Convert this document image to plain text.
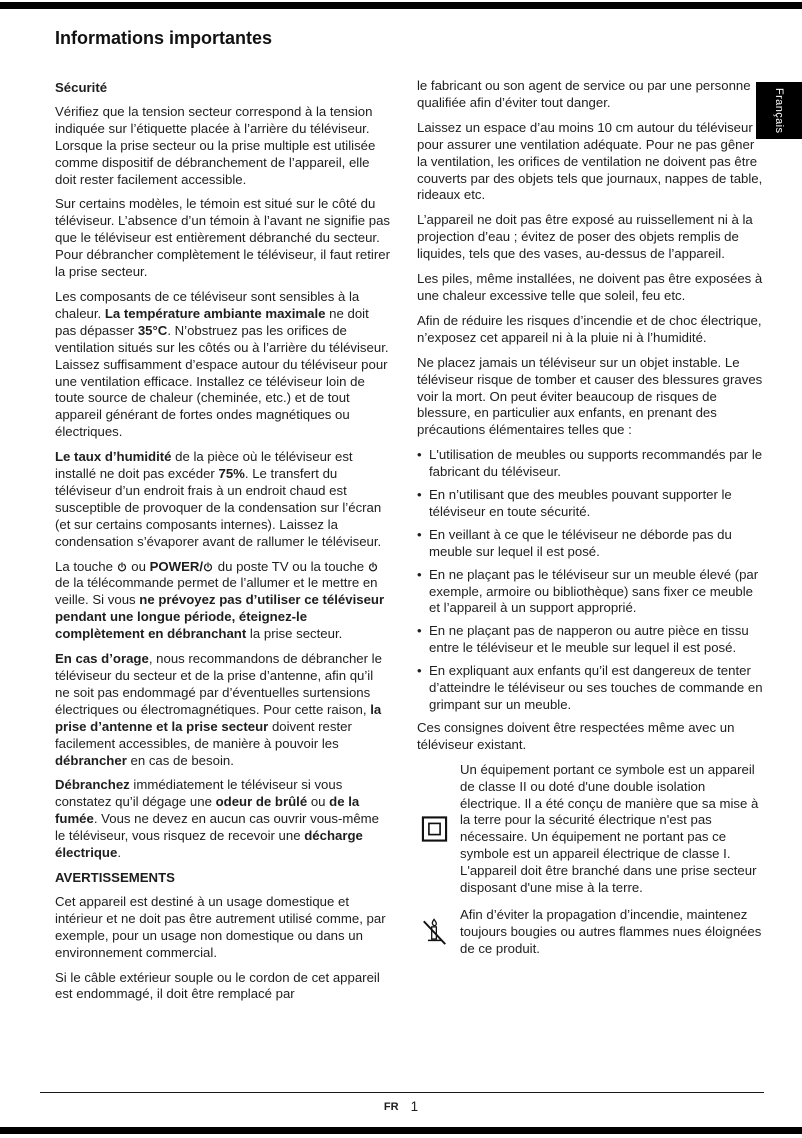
Informations importantes
Français
Sécurité

Vérifiez que la tension secteur correspond à la tension indiquée sur l’étiquette placée à l’arrière du téléviseur. Lorsque la prise secteur ou la prise multiple est utilisée comme dispositif de débranchement de l’appareil, elle doit rester facilement accessible.

Sur certains modèles, le témoin est situé sur le côté du téléviseur. L’absence d’un témoin à l’avant ne signifie pas que le téléviseur est entièrement débranché du secteur. Pour débrancher complètement le téléviseur, il faut retirer la prise secteur.

Les composants de ce téléviseur sont sensibles à la chaleur. La température ambiante maximale ne doit pas dépasser 35°C. N’obstruez pas les orifices de ventilation situés sur les côtés ou à l’arrière du téléviseur. Laissez suffisamment d’espace autour du téléviseur pour une ventilation efficace. Installez ce téléviseur loin de toute source de chaleur (cheminée, etc.) et de tout appareil générant de fortes ondes magnétiques ou électriques.

Le taux d’humidité de la pièce où le téléviseur est installé ne doit pas excéder 75%. Le transfert du téléviseur d’un endroit frais à un endroit chaud est susceptible de provoquer de la condensation sur l’écran (et sur certains composants internes). Laissez la condensation s’évaporer avant de rallumer le téléviseur.

La touche  ou POWER/ du poste TV ou la touche  de la télécommande permet de l’allumer et le mettre en veille. Si vous ne prévoyez pas d’utiliser ce téléviseur pendant une longue période, éteignez-le complètement en débranchant la prise secteur.

En cas d’orage, nous recommandons de débrancher le téléviseur du secteur et de la prise d’antenne, afin qu’il ne soit pas endommagé par d’éventuelles surtensions électriques ou électromagnétiques. Pour cette raison, la prise d’antenne et la prise secteur doivent rester facilement accessibles, de manière à pouvoir les débrancher en cas de besoin.

Débranchez immédiatement le téléviseur si vous constatez qu’il dégage une odeur de brûlé ou de la fumée. Vous ne devez en aucun cas ouvrir vous-même le téléviseur, vous risquez de recevoir une décharge électrique.

AVERTISSEMENTS

Cet appareil est destiné à un usage domestique et intérieur et ne doit pas être autrement utilisé comme, par exemple, pour un usage non domestique ou dans un environnement commercial.

Si le câble extérieur souple ou le cordon de cet appareil est endommagé, il doit être remplacé par

le fabricant ou son agent de service ou par une personne qualifiée afin d’éviter tout danger.

Laissez un espace d’au moins 10 cm autour du téléviseur pour assurer une ventilation adéquate. Pour ne pas gêner la ventilation, les orifices de ventilation ne doivent pas être couverts par des objets tels que journaux, nappes de table, rideaux etc.

L’appareil ne doit pas être exposé au ruissellement ni à la projection d’eau ; évitez de poser des objets remplis de liquides, tels que des vases, au-dessus de l’appareil.

Les piles, même installées, ne doivent pas être exposées à une chaleur excessive telle que soleil, feu etc.

Afin de réduire les risques d’incendie et de choc électrique, n’exposez cet appareil ni à la pluie ni à l’humidité.

Ne placez jamais un téléviseur sur un objet instable. Le téléviseur risque de tomber et causer des blessures graves voir la mort. On peut éviter beaucoup de risques de blessure, en particulier aux enfants, en prenant des précautions élémentaires telles que :

• L'utilisation de meubles ou supports recommandés par le fabricant du téléviseur.
• En n’utilisant que des meubles pouvant supporter le téléviseur en toute sécurité.
• En veillant à ce que le téléviseur ne déborde pas du meuble sur lequel il est posé.
• En ne plaçant pas le téléviseur sur un meuble élevé (par exemple, armoire ou bibliothèque) sans fixer ce meuble et l’appareil à un support approprié.
• En ne plaçant pas de napperon ou autre pièce en tissu entre le téléviseur et le meuble sur lequel il est posé.
• En expliquant aux enfants qu’il est dangereux de tenter d’atteindre le téléviseur ou ses touches de commande en grimpant sur un meuble.

Ces consignes doivent être respectées même avec un téléviseur existant.

Un équipement portant ce symbole est un appareil de classe II ou doté d'une double isolation électrique. Il a été conçu de manière que sa mise à la terre pour la sécurité électrique n'est pas nécessaire. Un équipement ne portant pas ce symbole est un appareil électrique de classe I. L'appareil doit être branché dans une prise secteur disposant d'une mise à la terre.

Afin d’éviter la propagation d’incendie, maintenez toujours bougies ou autres flammes nues éloignées de ce produit.

FR 1
